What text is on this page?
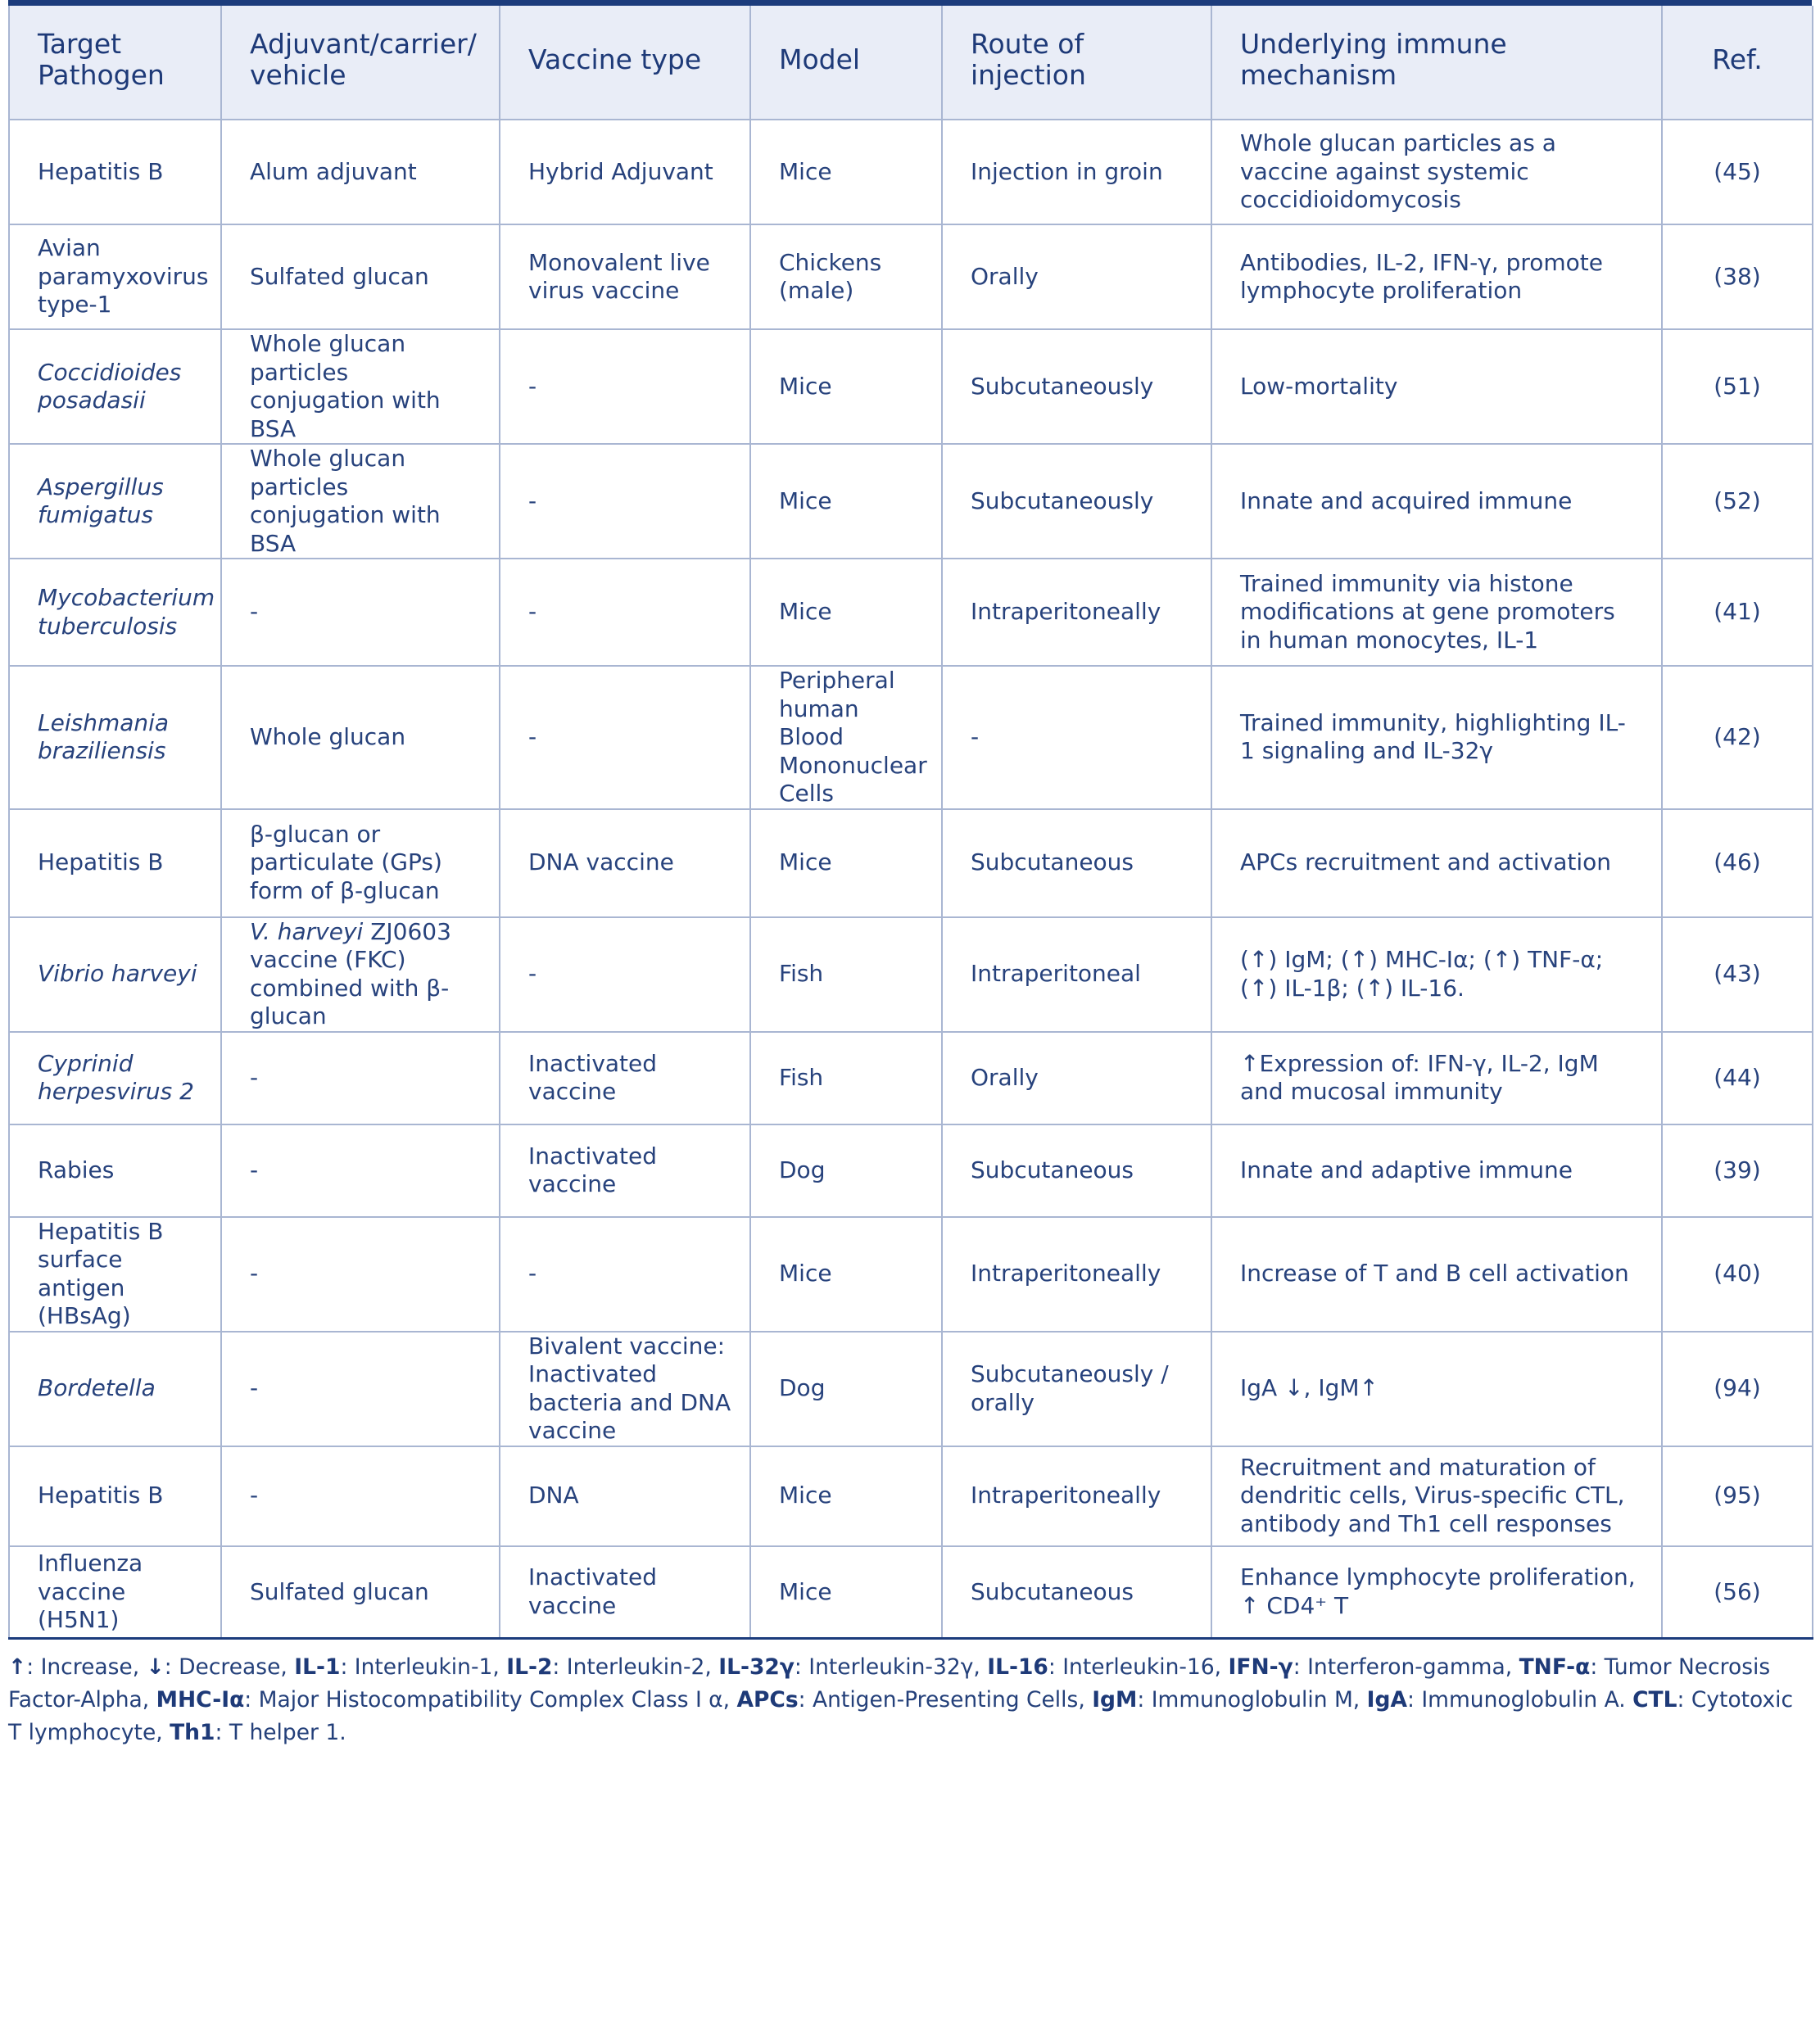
Target Pathogen	Adjuvant/carrier/ vehicle	Vaccine type	Model	Route of injection	Underlying immune mechanism	Ref.
Hepatitis B	Alum adjuvant	Hybrid Adjuvant	Mice	Injection in groin	Whole glucan particles as a vaccine against systemic coccidioidomycosis	(45)
Avian paramyxovirus type-1	Sulfated glucan	Monovalent live virus vaccine	Chickens (male)	Orally	Antibodies, IL-2, IFN-γ, promote lymphocyte proliferation	(38)
Coccidioides posadasii	Whole glucan particles conjugation with BSA	-	Mice	Subcutaneously	Low-mortality	(51)
Aspergillus fumigatus	Whole glucan particles conjugation with BSA	-	Mice	Subcutaneously	Innate and acquired immune	(52)
Mycobacterium tuberculosis	-	-	Mice	Intraperitoneally	Trained immunity via histone modifications at gene promoters in human monocytes, IL-1	(41)
Leishmania braziliensis	Whole glucan	-	Peripheral human Blood Mononuclear Cells	-	Trained immunity, highlighting IL-1 signaling and IL-32γ	(42)
Hepatitis B	β-glucan or particulate (GPs) form of β-glucan	DNA vaccine	Mice	Subcutaneous	APCs recruitment and activation	(46)
Vibrio harveyi	V. harveyi ZJ0603 vaccine (FKC) combined with β-glucan	-	Fish	Intraperitoneal	(↑) IgM; (↑) MHC-Iα; (↑) TNF-α; (↑) IL-1β; (↑) IL-16.	(43)
Cyprinid herpesvirus 2	-	Inactivated vaccine	Fish	Orally	↑Expression of: IFN-γ, IL-2, IgM and mucosal immunity	(44)
Rabies	-	Inactivated vaccine	Dog	Subcutaneous	Innate and adaptive immune	(39)
Hepatitis B surface antigen (HBsAg)	-	-	Mice	Intraperitoneally	Increase of T and B cell activation	(40)
Bordetella	-	Bivalent vaccine: Inactivated bacteria and DNA vaccine	Dog	Subcutaneously / orally	IgA ↓, IgM↑	(94)
Hepatitis B	-	DNA	Mice	Intraperitoneally	Recruitment and maturation of dendritic cells, Virus-specific CTL, antibody and Th1 cell responses	(95)
Influenza vaccine (H5N1)	Sulfated glucan	Inactivated vaccine	Mice	Subcutaneous	Enhance lymphocyte proliferation, ↑ CD4⁺ T	(56)
↑: Increase, ↓: Decrease, IL-1: Interleukin-1, IL-2: Interleukin-2, IL-32γ: Interleukin-32γ, IL-16: Interleukin-16, IFN-γ: Interferon-gamma, TNF-α: Tumor Necrosis Factor-Alpha, MHC-Iα: Major Histocompatibility Complex Class I α, APCs: Antigen-Presenting Cells, IgM: Immunoglobulin M, IgA: Immunoglobulin A. CTL: Cytotoxic T lymphocyte, Th1: T helper 1.
